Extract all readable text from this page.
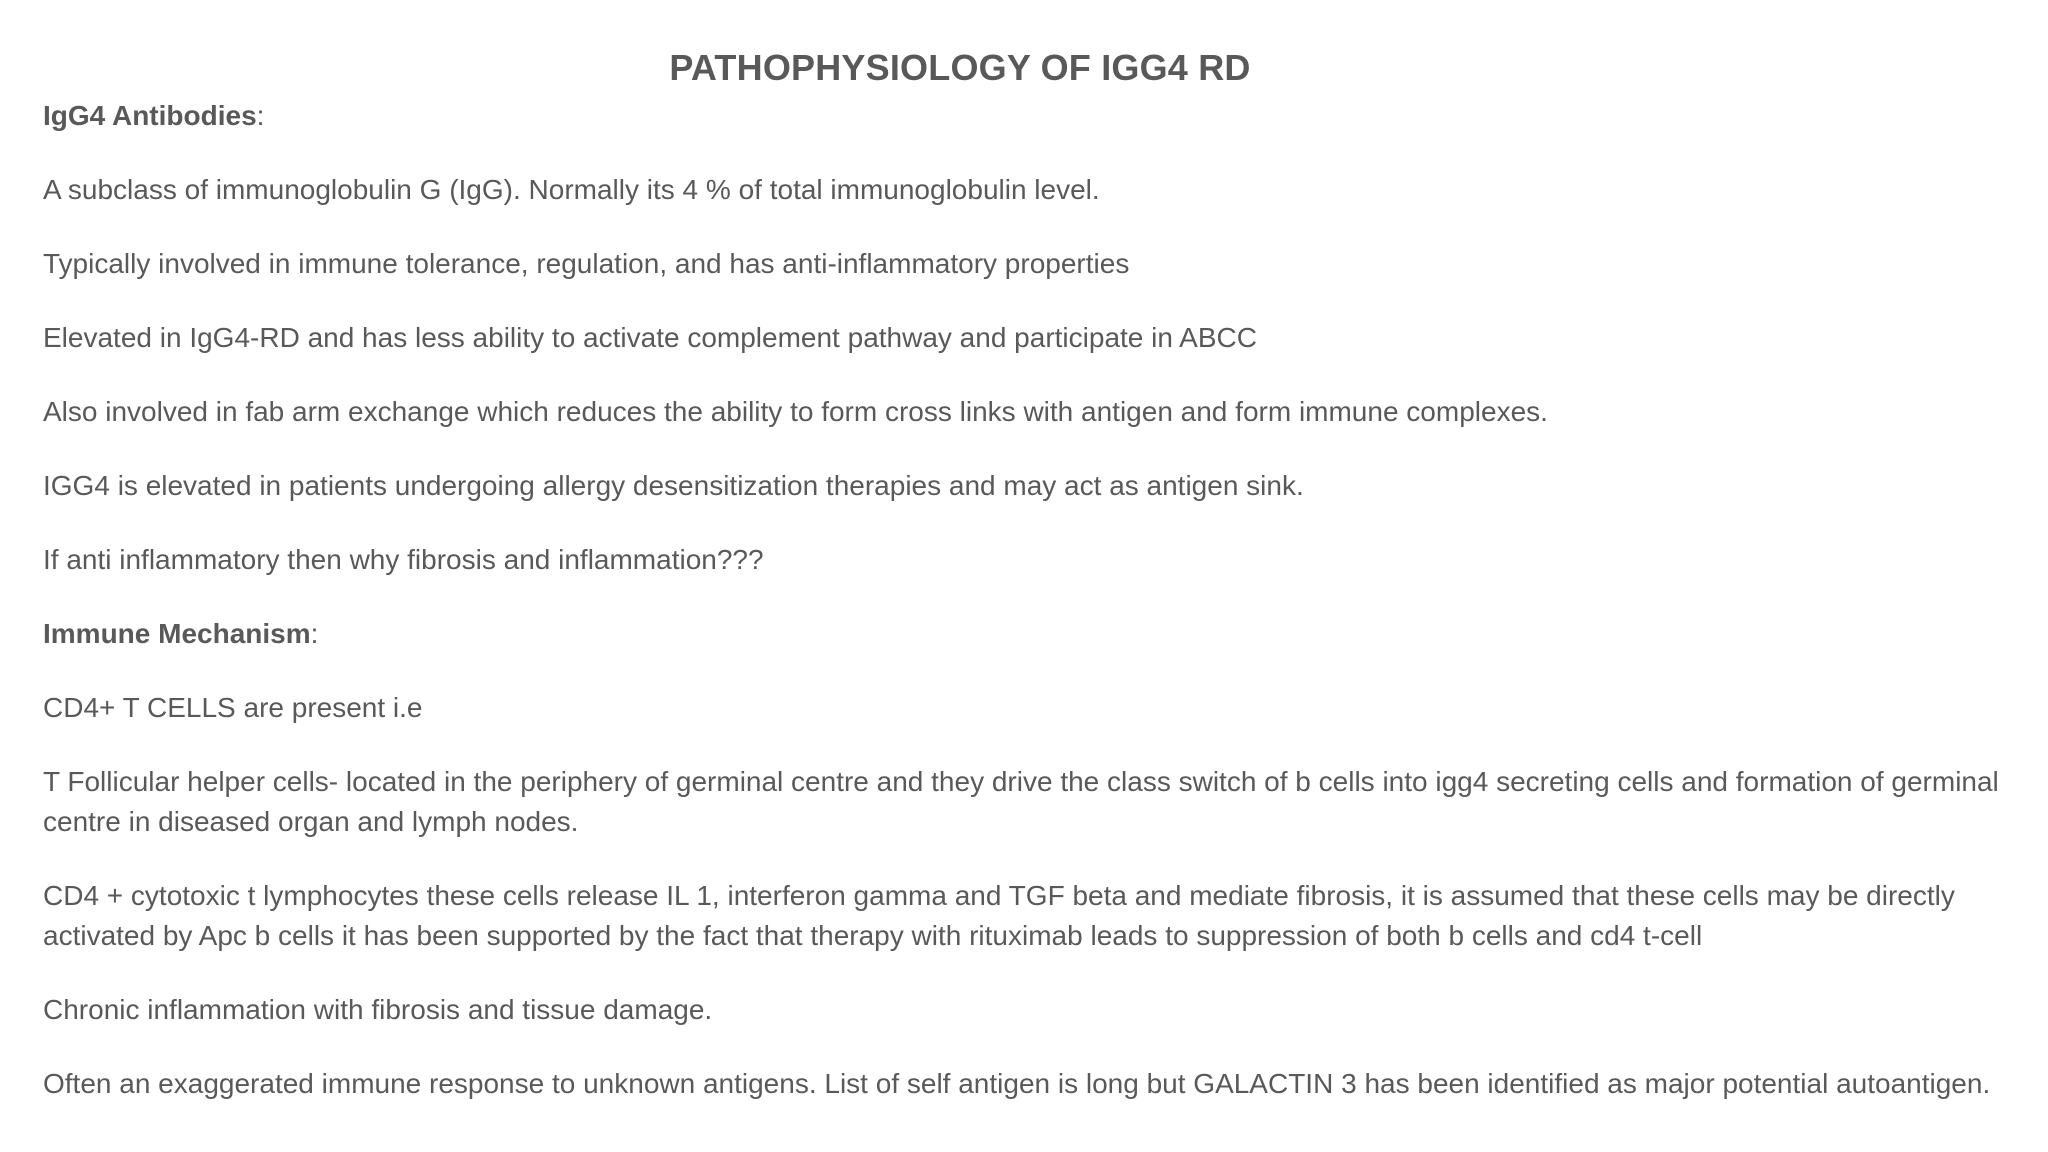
PATHOPHYSIOLOGY OF IGG4 RD

IgG4 Antibodies:

A subclass of immunoglobulin G (IgG). Normally its 4 % of total immunoglobulin level.

Typically involved in immune tolerance, regulation, and has anti-inflammatory properties

Elevated in IgG4-RD and has less ability to activate complement pathway and participate in ABCC

Also involved in fab arm exchange which reduces the ability to form cross links with antigen and form immune complexes.

IGG4 is elevated in patients undergoing allergy desensitization therapies and may act as antigen sink.

If anti inflammatory then why fibrosis and inflammation???

Immune Mechanism:

CD4+ T CELLS are present i.e

T Follicular helper cells- located in the periphery of germinal centre and they drive the class switch of b cells into igg4 secreting cells and formation of germinal centre in diseased organ and lymph nodes.

CD4 + cytotoxic t lymphocytes these cells release IL 1, interferon gamma and TGF beta and mediate fibrosis, it is assumed that these cells may be directly activated by Apc b cells it has been supported by the fact that therapy with rituximab leads to suppression of both b cells and cd4 t-cell

Chronic inflammation with fibrosis and tissue damage.

Often an exaggerated immune response to unknown antigens. List of self antigen is long but GALACTIN 3 has been identified as major potential autoantigen.
